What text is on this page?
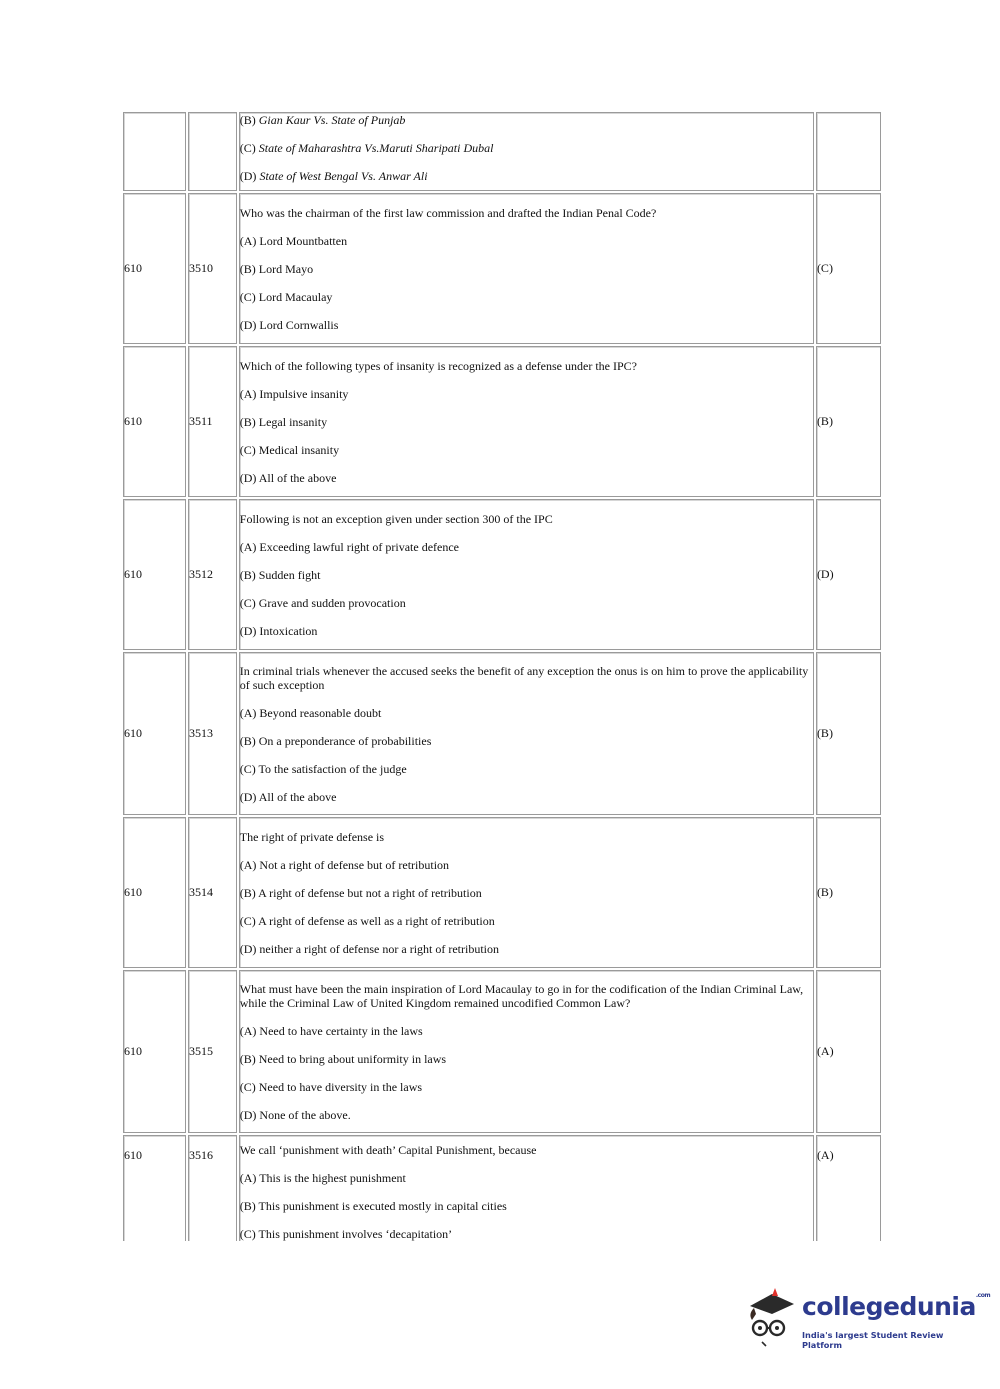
		(B) Gian Kaur Vs. State of Punjab

(C) State of Maharashtra Vs.Maruti Sharipati Dubal

(D) State of West Bengal Vs. Anwar Ali	

610	3510	Who was the chairman of the first law commission and drafted the Indian Penal Code?

(A) Lord Mountbatten

(B) Lord Mayo

(C) Lord Macaulay

(D) Lord Cornwallis	(C)
610	3511	Which of the following types of insanity is recognized as a defense under the IPC?

(A) Impulsive insanity

(B) Legal insanity

(C) Medical insanity

(D) All of the above	(B)
610	3512	Following is not an exception given under section 300 of the IPC

(A) Exceeding lawful right of private defence

(B) Sudden fight

(C) Grave and sudden provocation

(D) Intoxication	(D)
610	3513	In criminal trials whenever the accused seeks the benefit of any exception the onus is on him to prove the applicability of such exception

(A) Beyond reasonable doubt

(B) On a preponderance of probabilities

(C) To the satisfaction of the judge

(D) All of the above	(B)
610	3514	The right of private defense is

(A) Not a right of defense but of retribution

(B) A right of defense but not a right of retribution

(C) A right of defense as well as a right of retribution

(D) neither a right of defense nor a right of retribution	(B)
610	3515	What must have been the main inspiration of Lord Macaulay to go in for the codification of the Indian Criminal Law, while the Criminal Law of United Kingdom remained uncodified Common Law?

(A) Need to have certainty in the laws

(B) Need to bring about uniformity in laws

(C) Need to have diversity in the laws

(D) None of the above.	(A)
610	3516	We call ‘punishment with death’ Capital Punishment, because

(A) This is the highest punishment

(B) This punishment is executed mostly in capital cities

(C) This punishment involves ‘decapitation’	(A)
collegedunia$^{.com}$
India's largest Student Review Platform
